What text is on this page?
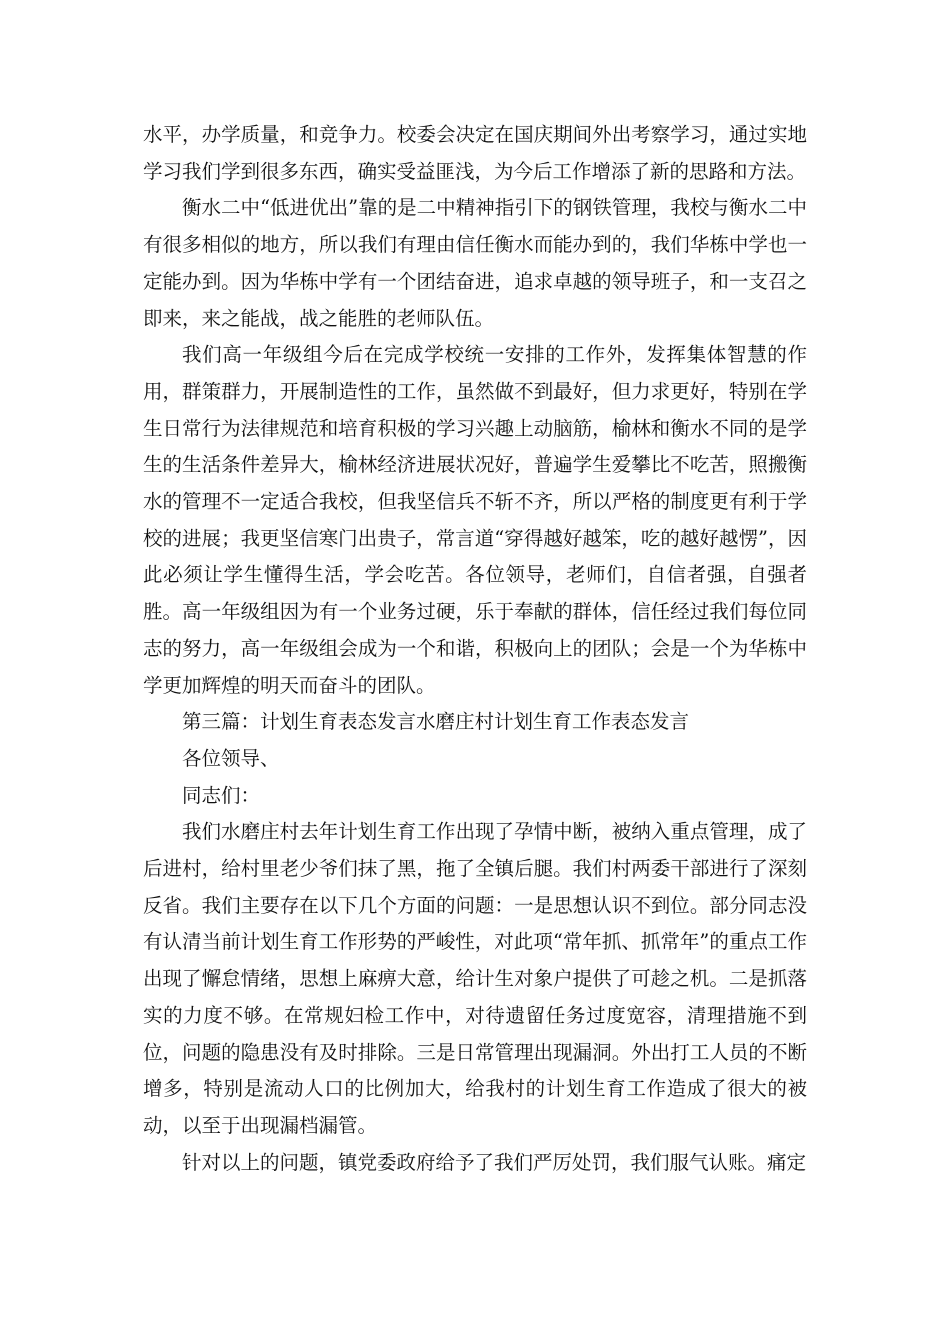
水平，办学质量，和竞争力。校委会决定在国庆期间外出考察学习，通过实地学习我们学到很多东西，确实受益匪浅，为今后工作增添了新的思路和方法。

衡水二中“低进优出”靠的是二中精神指引下的钢铁管理，我校与衡水二中有很多相似的地方，所以我们有理由信任衡水而能办到的，我们华栋中学也一定能办到。因为华栋中学有一个团结奋进，追求卓越的领导班子，和一支召之即来，来之能战，战之能胜的老师队伍。

我们高一年级组今后在完成学校统一安排的工作外，发挥集体智慧的作用，群策群力，开展制造性的工作，虽然做不到最好，但力求更好，特别在学生日常行为法律规范和培育积极的学习兴趣上动脑筋，榆林和衡水不同的是学生的生活条件差异大，榆林经济进展状况好，普遍学生爱攀比不吃苦，照搬衡水的管理不一定适合我校，但我坚信兵不斩不齐，所以严格的制度更有利于学校的进展；我更坚信寒门出贵子，常言道“穿得越好越笨，吃的越好越愣”，因此必须让学生懂得生活，学会吃苦。各位领导，老师们，自信者强，自强者胜。高一年级组因为有一个业务过硬，乐于奉献的群体，信任经过我们每位同志的努力，高一年级组会成为一个和谐，积极向上的团队；会是一个为华栋中学更加辉煌的明天而奋斗的团队。

第三篇：计划生育表态发言水磨庄村计划生育工作表态发言

各位领导、

同志们：

我们水磨庄村去年计划生育工作出现了孕情中断，被纳入重点管理，成了后进村，给村里老少爷们抹了黑，拖了全镇后腿。我们村两委干部进行了深刻反省。我们主要存在以下几个方面的问题：一是思想认识不到位。部分同志没有认清当前计划生育工作形势的严峻性，对此项“常年抓、抓常年”的重点工作出现了懈怠情绪，思想上麻痹大意，给计生对象户提供了可趁之机。二是抓落实的力度不够。在常规妇检工作中，对待遗留任务过度宽容，清理措施不到位，问题的隐患没有及时排除。三是日常管理出现漏洞。外出打工人员的不断增多，特别是流动人口的比例加大，给我村的计划生育工作造成了很大的被动，以至于出现漏档漏管。

针对以上的问题，镇党委政府给予了我们严厉处罚，我们服气认账。痛定
